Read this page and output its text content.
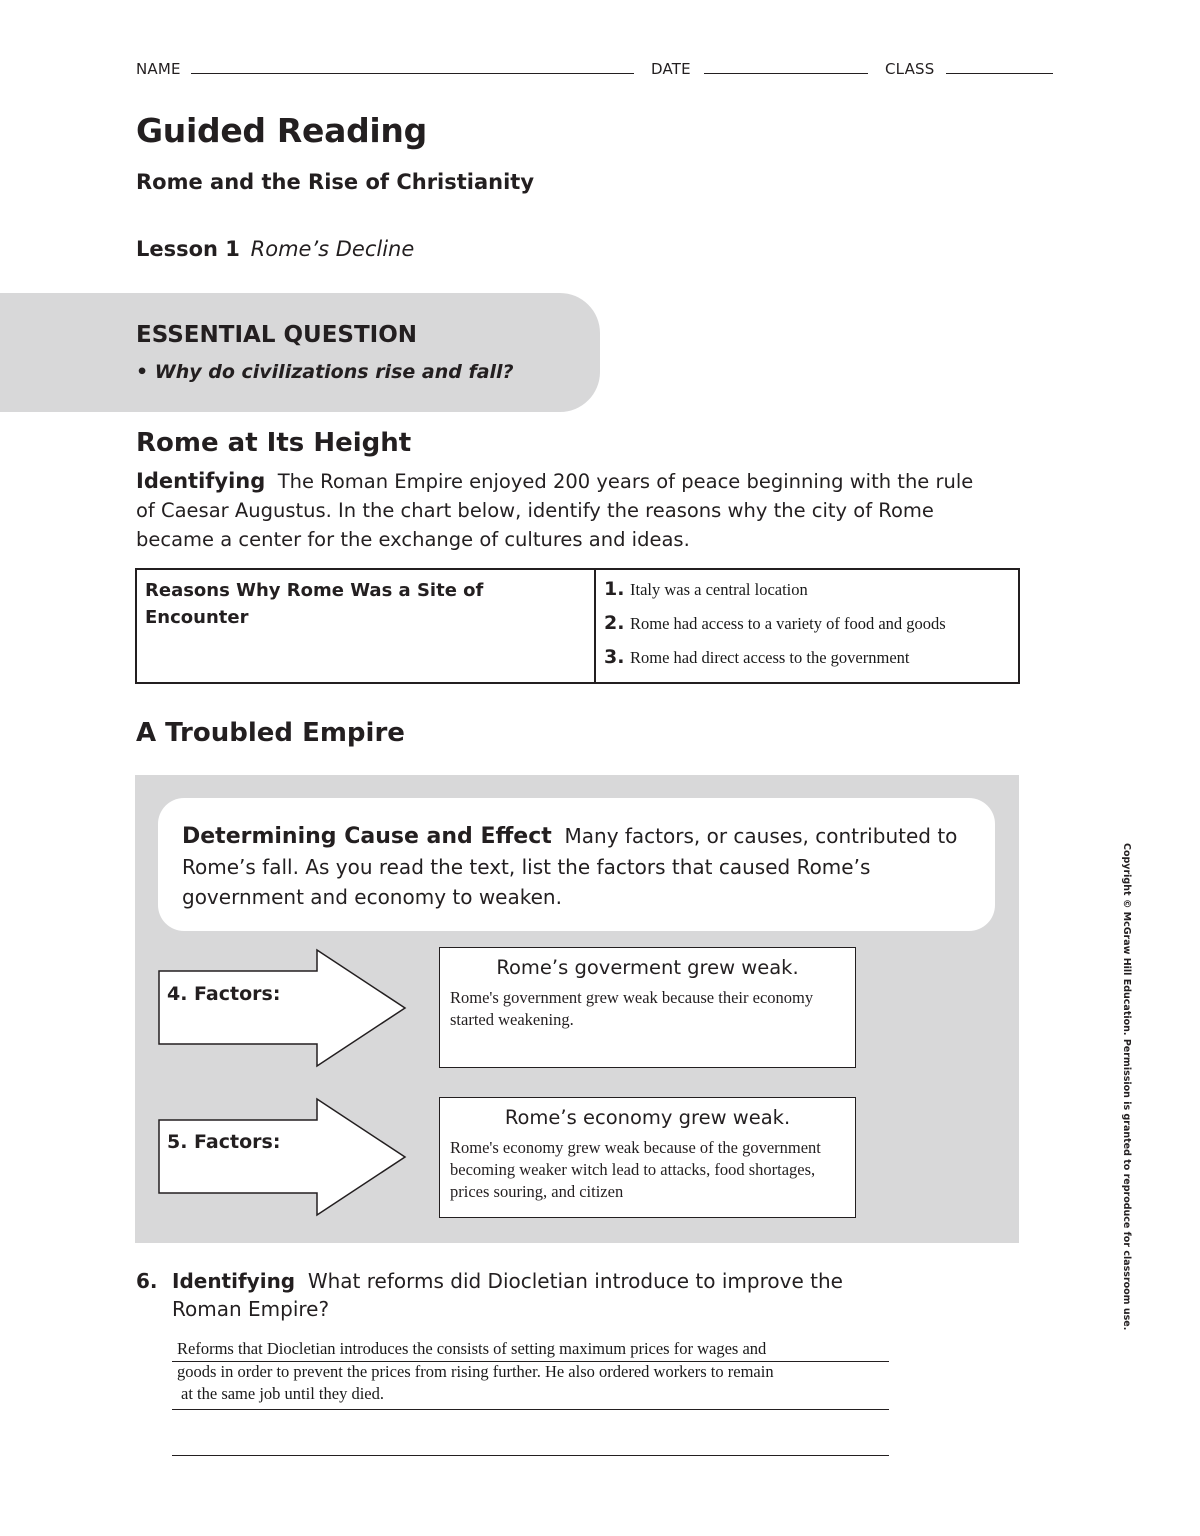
NAME	DATE	CLASS
Guided Reading
Rome and the Rise of Christianity
Lesson 1 Rome’s Decline
ESSENTIAL QUESTION
• Why do civilizations rise and fall?
Rome at Its Height
Identifying The Roman Empire enjoyed 200 years of peace beginning with the rule of Caesar Augustus. In the chart below, identify the reasons why the city of Rome became a center for the exchange of cultures and ideas.
Reasons Why Rome Was a Site of Encounter	
1. Italy was a central location
2. Rome had access to a variety of food and goods
3. Rome had direct access to the government
A Troubled Empire
Determining Cause and Effect Many factors, or causes, contributed to Rome’s fall. As you read the text, list the factors that caused Rome’s government and economy to weaken.
4. Factors:
Rome’s goverment grew weak.
Rome's government grew weak because their economy started weakening.
5. Factors:
Rome’s economy grew weak.
Rome's economy grew weak because of the government becoming weaker witch lead to attacks, food shortages, prices souring, and citizen
6. Identifying What reforms did Diocletian introduce to improve the Roman Empire?
Reforms that Diocletian introduces the consists of setting maximum prices for wages and
goods in order to prevent the prices from rising further. He also ordered workers to remain
at the same job until they died.
Copyright © McGraw Hill Education. Permission is granted to reproduce for classroom use.
